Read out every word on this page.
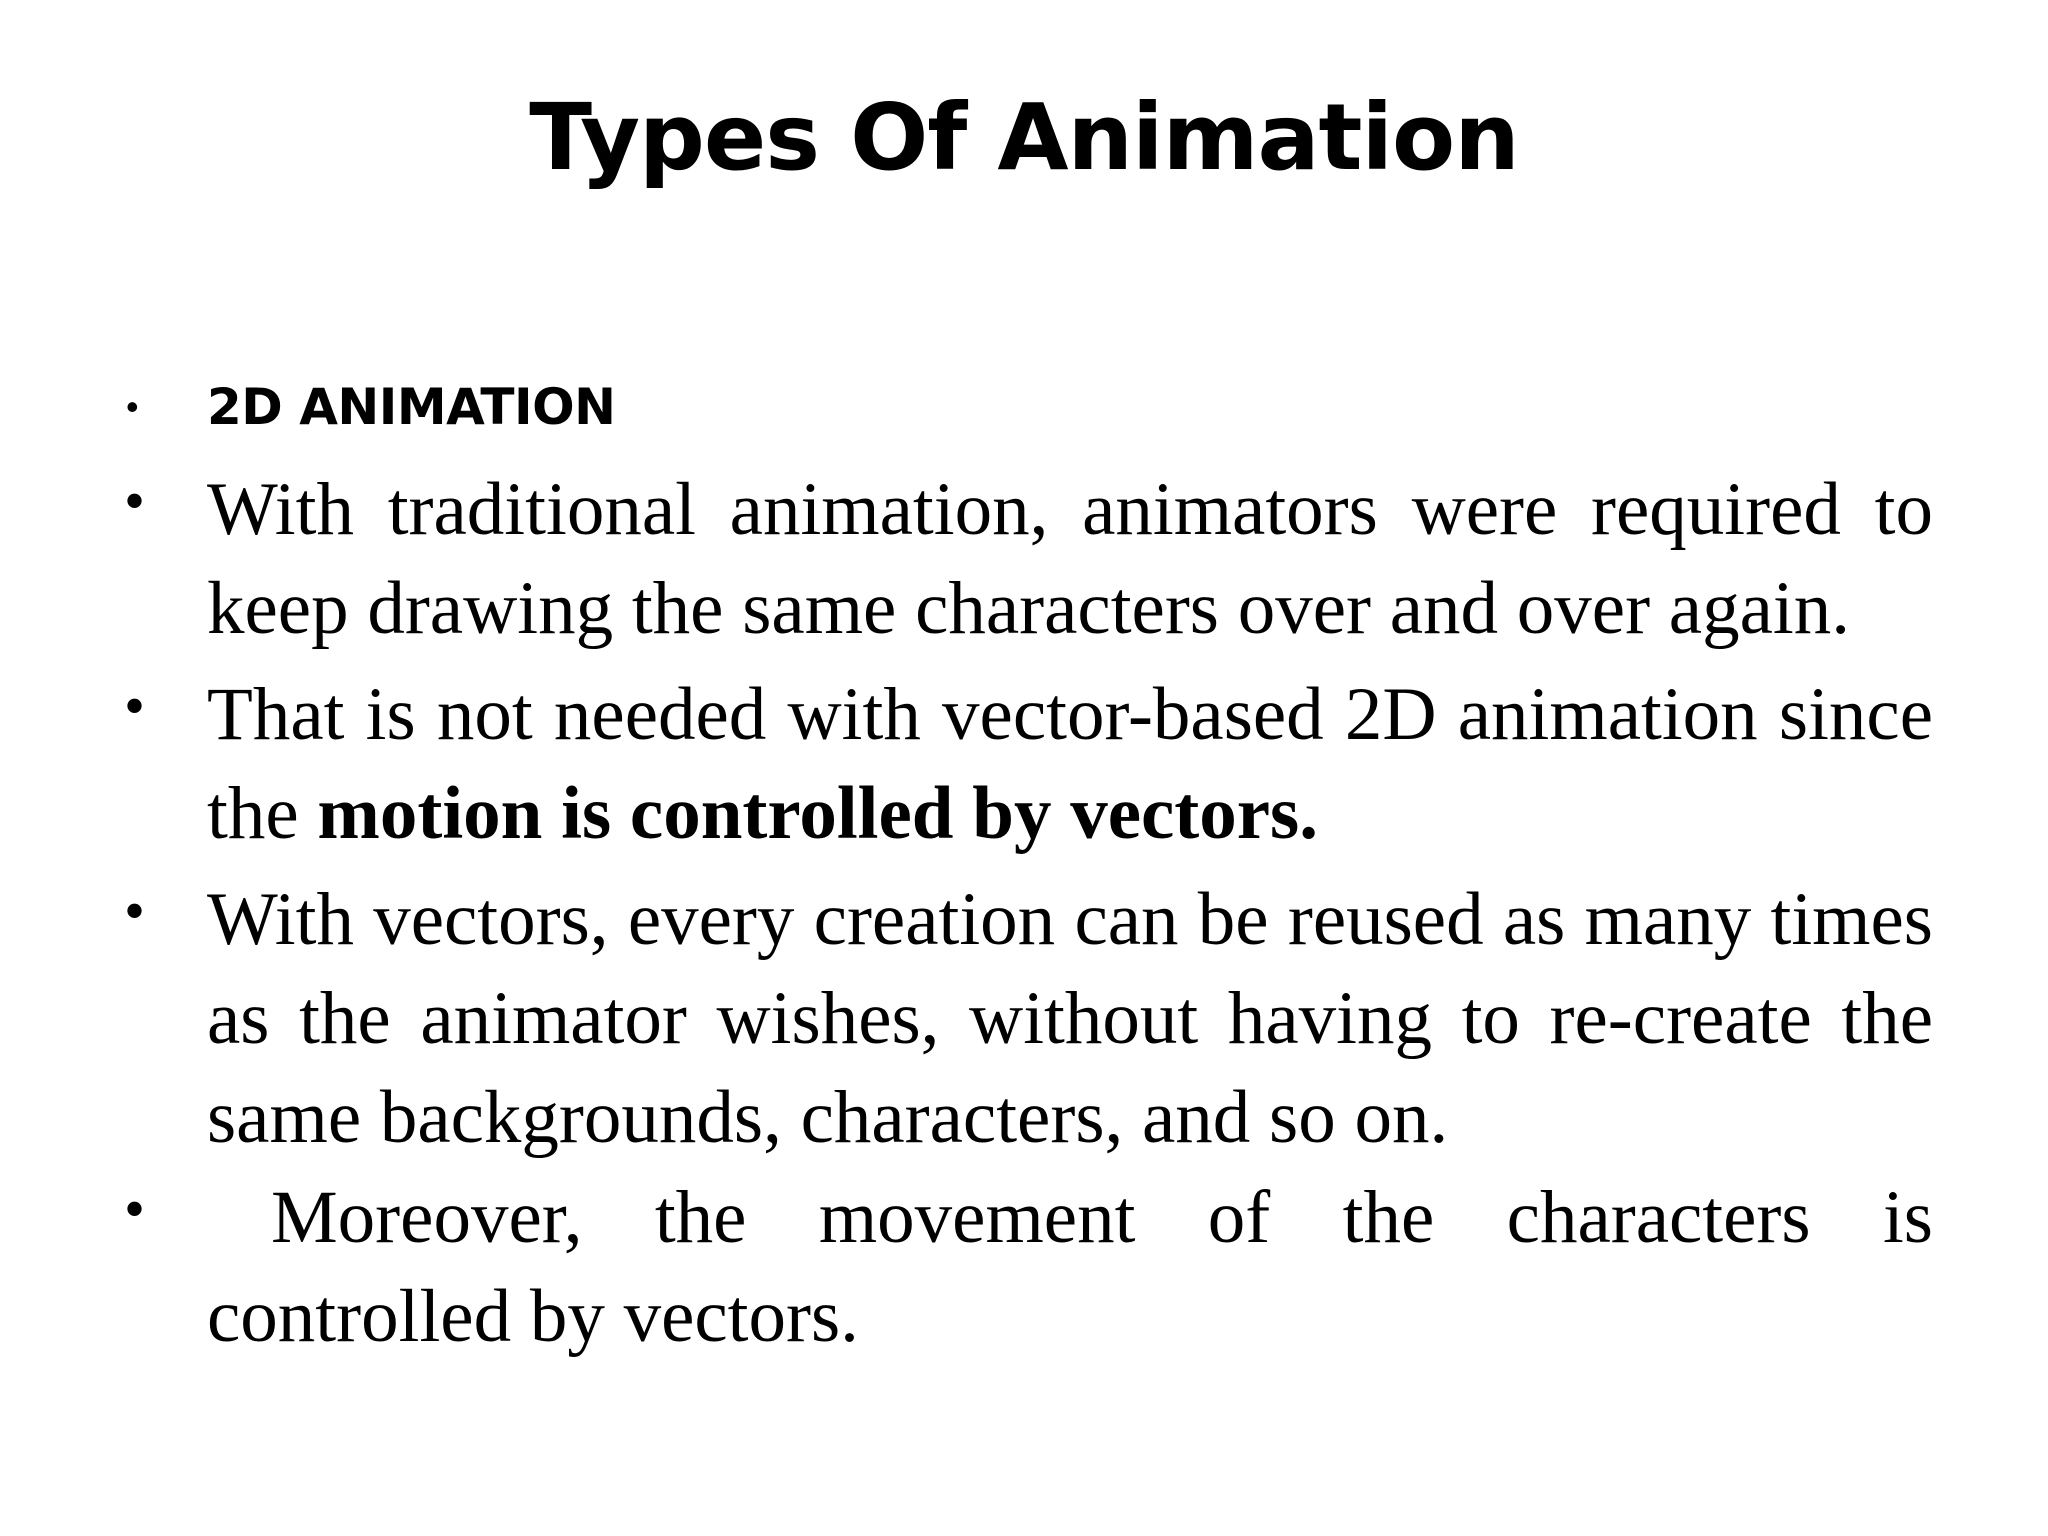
Types Of Animation
• 2D ANIMATION
• With traditional animation, animators were required to keep drawing the same characters over and over again.
• That is not needed with vector-based 2D animation since the motion is controlled by vectors.
• With vectors, every creation can be reused as many times as the animator wishes, without having to re-create the same backgrounds, characters, and so on.
•	Moreover, the movement of the characters is controlled by vectors.
